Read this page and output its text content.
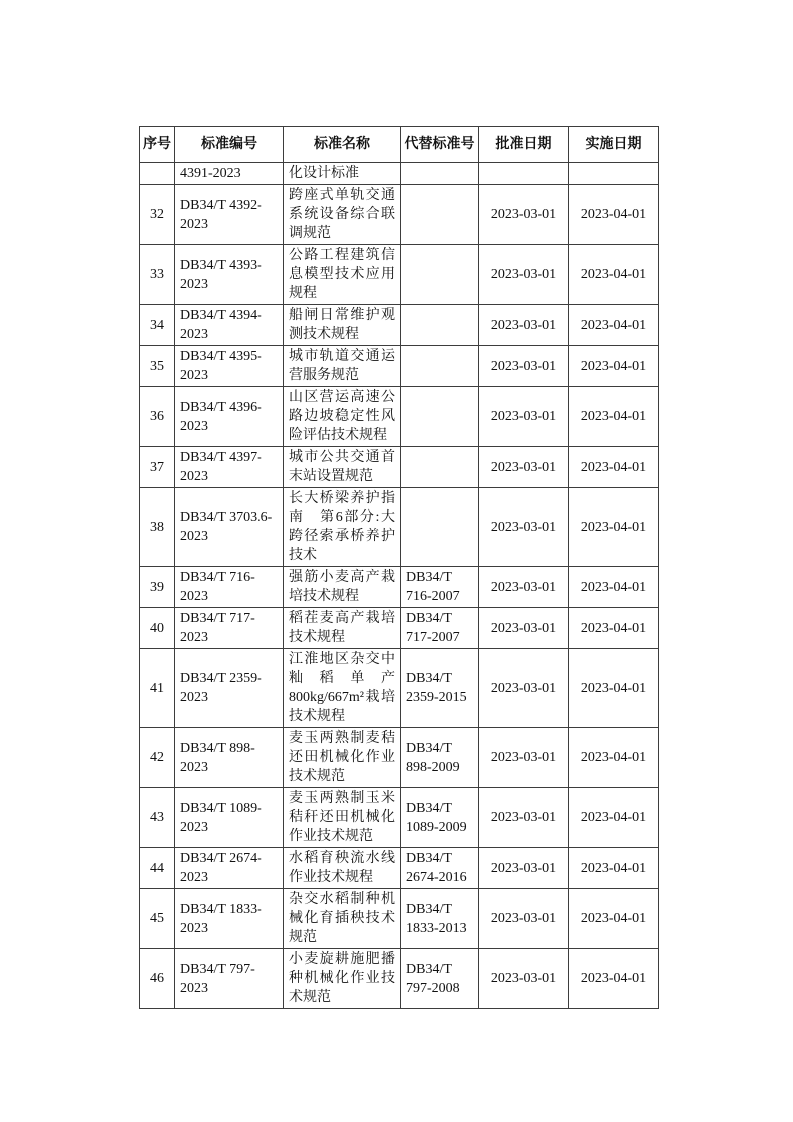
序号	标准编号	标准名称	代替标准号	批准日期	实施日期
	4391-2023	化设计标准			
32	DB34/T 4392-2023	跨座式单轨交通系统设备综合联调规范		2023-03-01	2023-04-01
33	DB34/T 4393-2023	公路工程建筑信息模型技术应用规程		2023-03-01	2023-04-01
34	DB34/T 4394-2023	船闸日常维护观测技术规程		2023-03-01	2023-04-01
35	DB34/T 4395-2023	城市轨道交通运营服务规范		2023-03-01	2023-04-01
36	DB34/T 4396-2023	山区营运高速公路边坡稳定性风险评估技术规程		2023-03-01	2023-04-01
37	DB34/T 4397-2023	城市公共交通首末站设置规范		2023-03-01	2023-04-01
38	DB34/T 3703.6-2023	长大桥梁养护指南　第6部分:大跨径索承桥养护技术		2023-03-01	2023-04-01
39	DB34/T 716-2023	强筋小麦高产栽培技术规程	DB34/T 716-2007	2023-03-01	2023-04-01
40	DB34/T 717-2023	稻茬麦高产栽培技术规程	DB34/T 717-2007	2023-03-01	2023-04-01
41	DB34/T 2359-2023	江淮地区杂交中籼稻单产800kg/667m²栽培技术规程	DB34/T 2359-2015	2023-03-01	2023-04-01
42	DB34/T 898-2023	麦玉两熟制麦秸还田机械化作业技术规范	DB34/T 898-2009	2023-03-01	2023-04-01
43	DB34/T 1089-2023	麦玉两熟制玉米秸秆还田机械化作业技术规范	DB34/T 1089-2009	2023-03-01	2023-04-01
44	DB34/T 2674-2023	水稻育秧流水线作业技术规程	DB34/T 2674-2016	2023-03-01	2023-04-01
45	DB34/T 1833-2023	杂交水稻制种机械化育插秧技术规范	DB34/T 1833-2013	2023-03-01	2023-04-01
46	DB34/T 797-2023	小麦旋耕施肥播种机械化作业技术规范	DB34/T 797-2008	2023-03-01	2023-04-01
